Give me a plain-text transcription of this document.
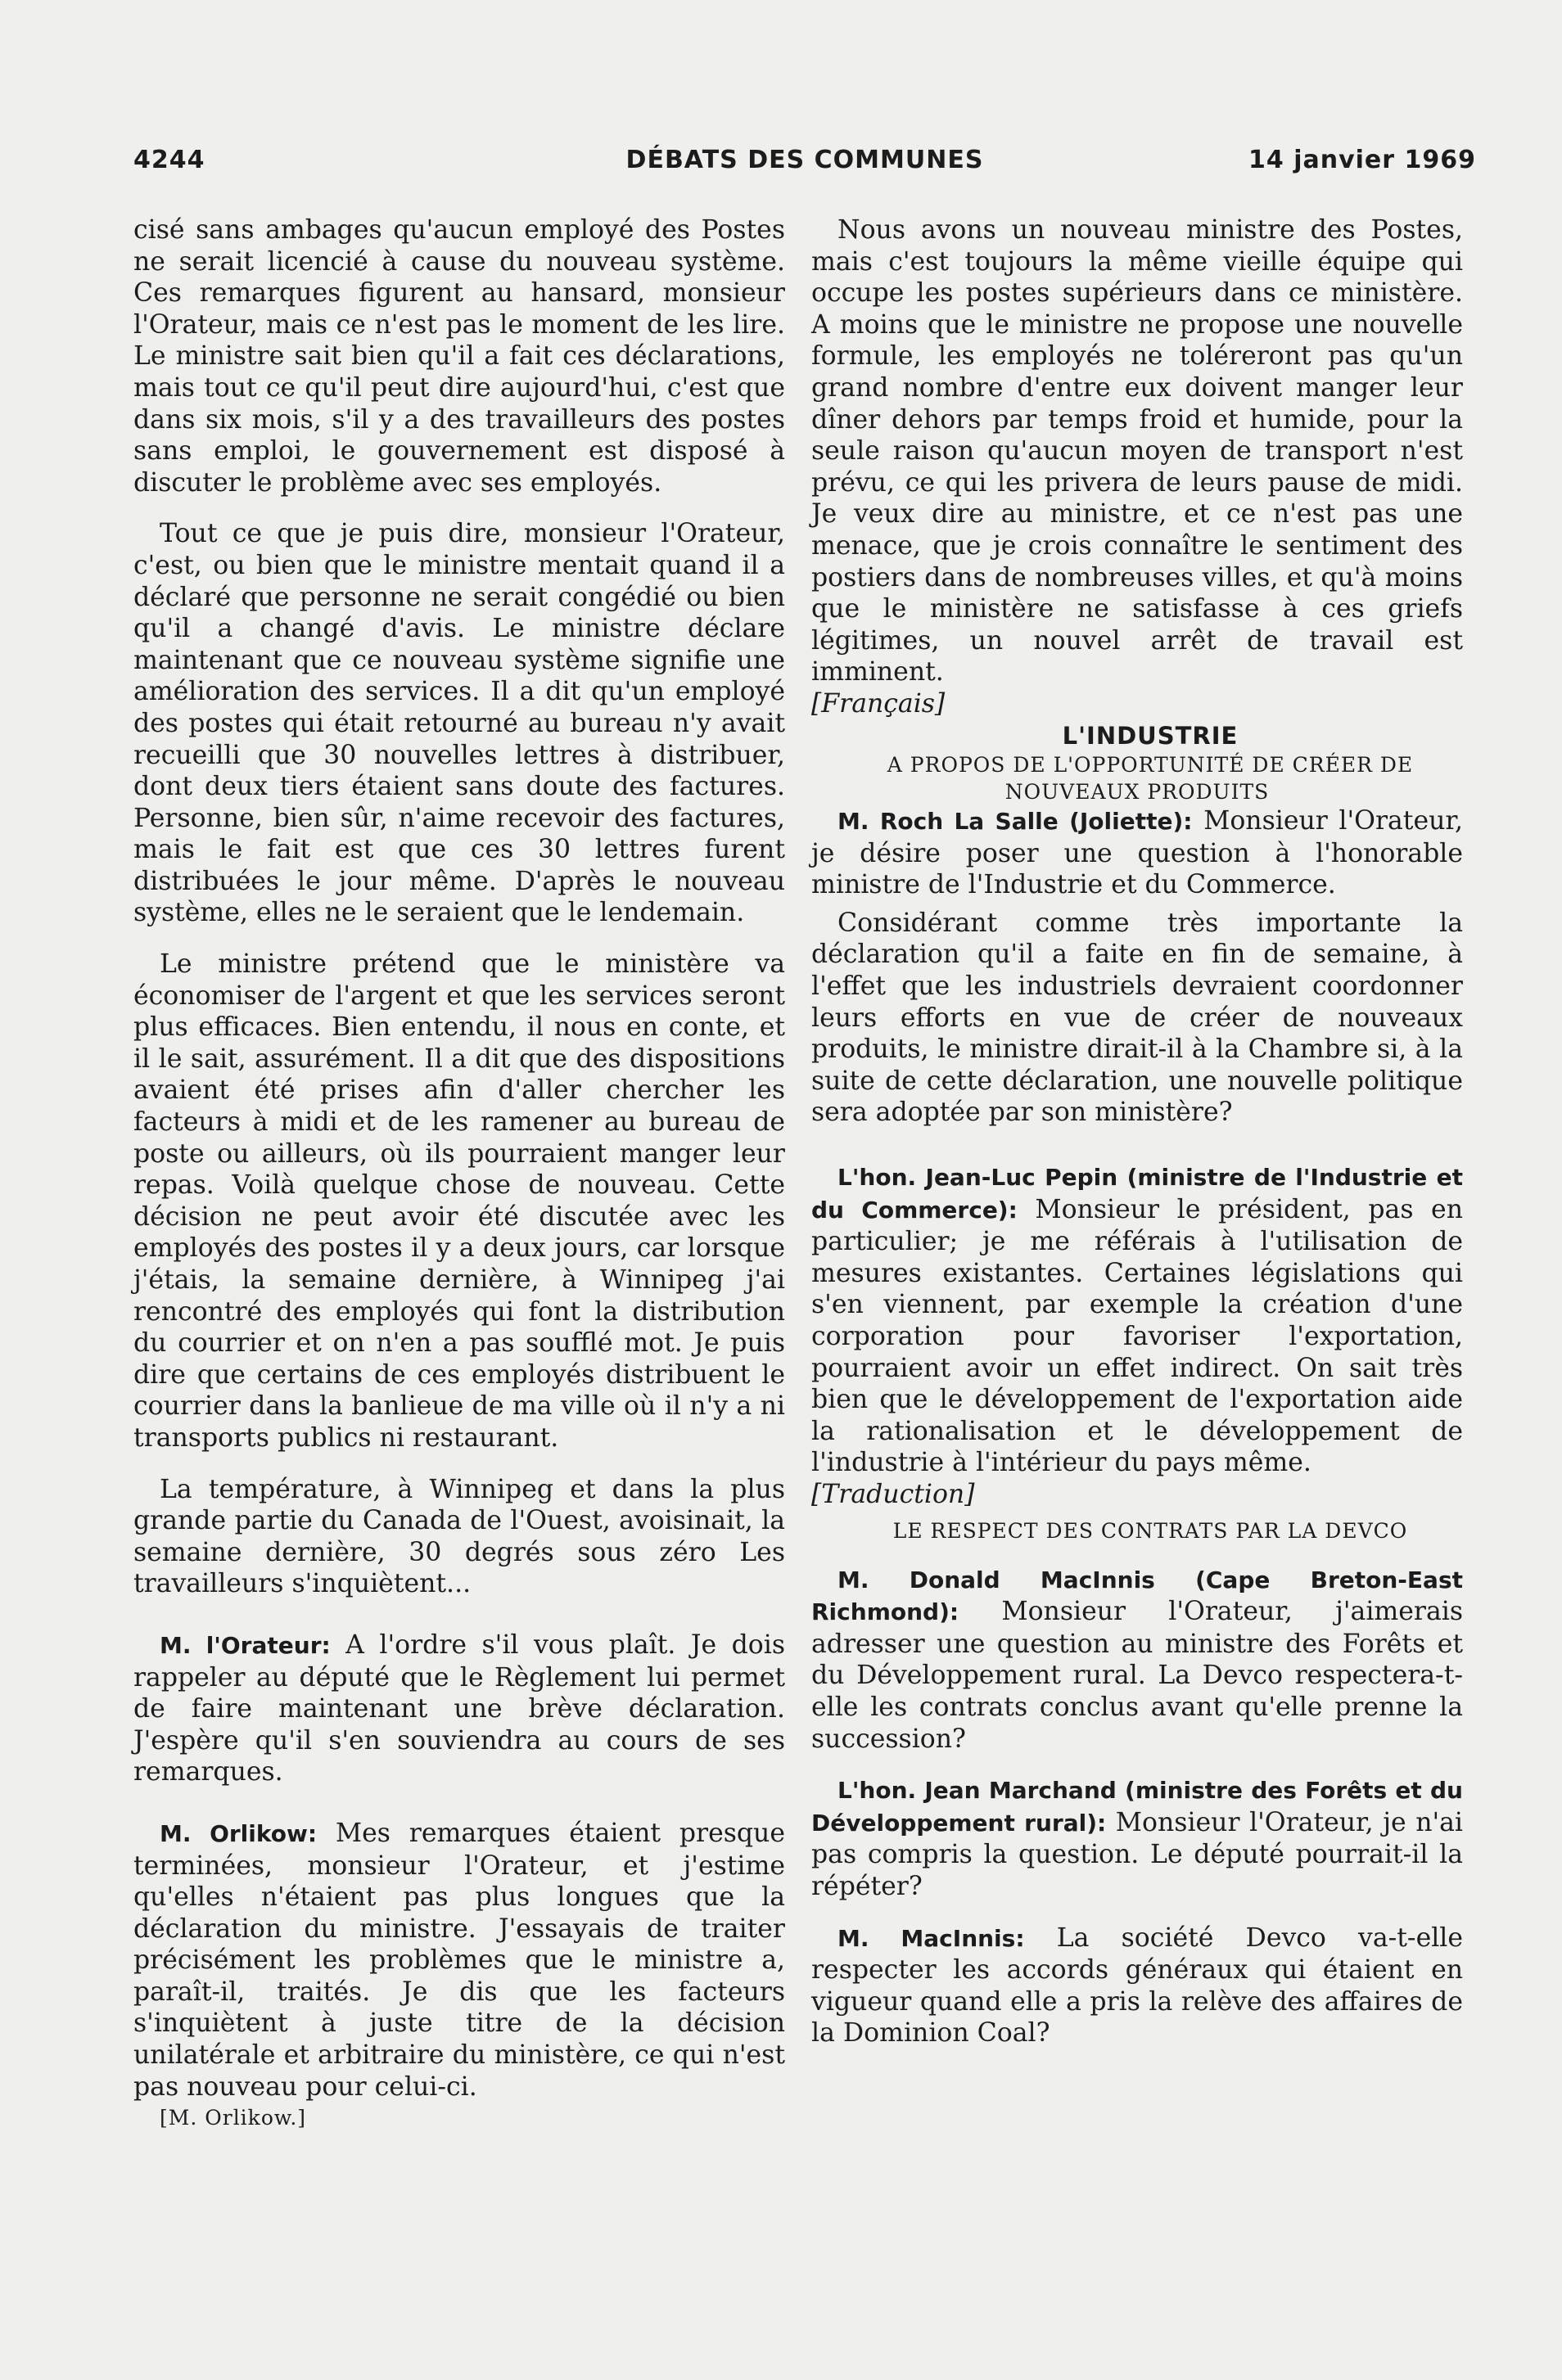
4244	DÉBATS DES COMMUNES	14 janvier 1969

cisé sans ambages qu'aucun employé des Postes ne serait licencié à cause du nouveau système. Ces remarques figurent au hansard, monsieur l'Orateur, mais ce n'est pas le moment de les lire. Le ministre sait bien qu'il a fait ces déclarations, mais tout ce qu'il peut dire aujourd'hui, c'est que dans six mois, s'il y a des travailleurs des postes sans emploi, le gouvernement est disposé à discuter le problème avec ses employés.

Tout ce que je puis dire, monsieur l'Orateur, c'est, ou bien que le ministre mentait quand il a déclaré que personne ne serait congédié ou bien qu'il a changé d'avis. Le ministre déclare maintenant que ce nouveau système signifie une amélioration des services. Il a dit qu'un employé des postes qui était retourné au bureau n'y avait recueilli que 30 nouvelles lettres à distribuer, dont deux tiers étaient sans doute des factures. Personne, bien sûr, n'aime recevoir des factures, mais le fait est que ces 30 lettres furent distribuées le jour même. D'après le nouveau système, elles ne le seraient que le lendemain.

Le ministre prétend que le ministère va économiser de l'argent et que les services seront plus efficaces. Bien entendu, il nous en conte, et il le sait, assurément. Il a dit que des dispositions avaient été prises afin d'aller chercher les facteurs à midi et de les ramener au bureau de poste ou ailleurs, où ils pourraient manger leur repas. Voilà quelque chose de nouveau. Cette décision ne peut avoir été discutée avec les employés des postes il y a deux jours, car lorsque j'étais, la semaine dernière, à Winnipeg j'ai rencontré des employés qui font la distribution du courrier et on n'en a pas soufflé mot. Je puis dire que certains de ces employés distribuent le courrier dans la banlieue de ma ville où il n'y a ni transports publics ni restaurant.

La température, à Winnipeg et dans la plus grande partie du Canada de l'Ouest, avoisinait, la semaine dernière, 30 degrés sous zéro Les travailleurs s'inquiètent...

M. l'Orateur: A l'ordre s'il vous plaît. Je dois rappeler au député que le Règlement lui permet de faire maintenant une brève déclaration. J'espère qu'il s'en souviendra au cours de ses remarques.

M. Orlikow: Mes remarques étaient presque terminées, monsieur l'Orateur, et j'estime qu'elles n'étaient pas plus longues que la déclaration du ministre. J'essayais de traiter précisément les problèmes que le ministre a, paraît-il, traités. Je dis que les facteurs s'inquiètent à juste titre de la décision unilatérale et arbitraire du ministère, ce qui n'est pas nouveau pour celui-ci.

[M. Orlikow.]

Nous avons un nouveau ministre des Postes, mais c'est toujours la même vieille équipe qui occupe les postes supérieurs dans ce ministère. A moins que le ministre ne propose une nouvelle formule, les employés ne toléreront pas qu'un grand nombre d'entre eux doivent manger leur dîner dehors par temps froid et humide, pour la seule raison qu'aucun moyen de transport n'est prévu, ce qui les privera de leurs pause de midi. Je veux dire au ministre, et ce n'est pas une menace, que je crois connaître le sentiment des postiers dans de nombreuses villes, et qu'à moins que le ministère ne satisfasse à ces griefs légitimes, un nouvel arrêt de travail est imminent.

[Français]

L'INDUSTRIE

A PROPOS DE L'OPPORTUNITÉ DE CRÉER DE NOUVEAUX PRODUITS

M. Roch La Salle (Joliette): Monsieur l'Orateur, je désire poser une question à l'honorable ministre de l'Industrie et du Commerce.

Considérant comme très importante la déclaration qu'il a faite en fin de semaine, à l'effet que les industriels devraient coordonner leurs efforts en vue de créer de nouveaux produits, le ministre dirait-il à la Chambre si, à la suite de cette déclaration, une nouvelle politique sera adoptée par son ministère?

L'hon. Jean-Luc Pepin (ministre de l'Industrie et du Commerce): Monsieur le président, pas en particulier; je me référais à l'utilisation de mesures existantes. Certaines législations qui s'en viennent, par exemple la création d'une corporation pour favoriser l'exportation, pourraient avoir un effet indirect. On sait très bien que le développement de l'exportation aide la rationalisation et le développement de l'industrie à l'intérieur du pays même.

[Traduction]

LE RESPECT DES CONTRATS PAR LA DEVCO

M. Donald MacInnis (Cape Breton-East Richmond): Monsieur l'Orateur, j'aimerais adresser une question au ministre des Forêts et du Développement rural. La Devco respectera-t-elle les contrats conclus avant qu'elle prenne la succession?

L'hon. Jean Marchand (ministre des Forêts et du Développement rural): Monsieur l'Orateur, je n'ai pas compris la question. Le député pourrait-il la répéter?

M. MacInnis: La société Devco va-t-elle respecter les accords généraux qui étaient en vigueur quand elle a pris la relève des affaires de la Dominion Coal?
